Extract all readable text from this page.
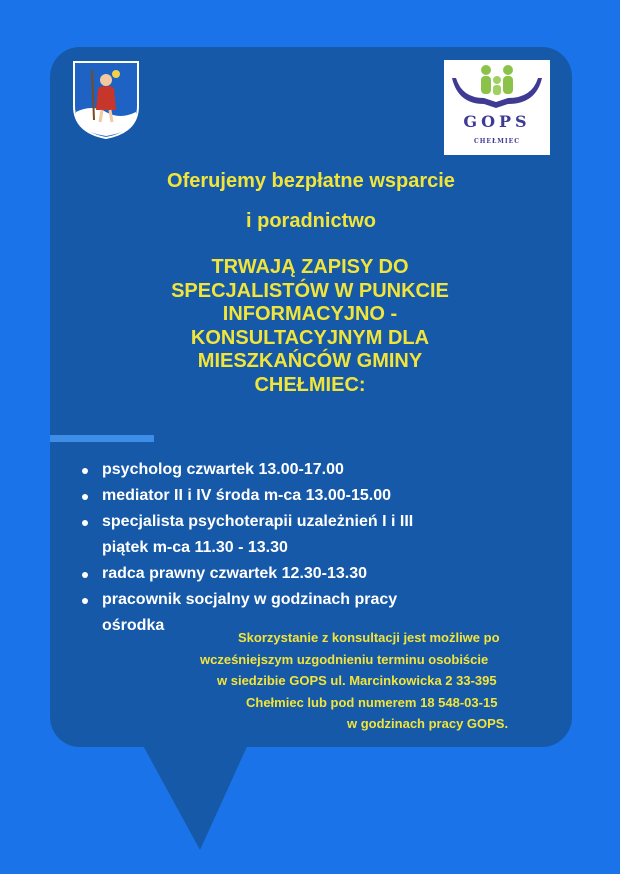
GOPS
CHEŁMIEC
Oferujemy bezpłatne wsparcie
i poradnictwo
TRWAJĄ ZAPISY DO
SPECJALISTÓW W PUNKCIE
INFORMACYJNO -
KONSULTACYJNYM DLA
MIESZKAŃCÓW GMINY
CHEŁMIEC:
psycholog czwartek 13.00-17.00
mediator II i IV środa m-ca 13.00-15.00
specjalista psychoterapii uzależnień I i III
piątek m-ca 11.30 - 13.30
radca prawny czwartek 12.30-13.30
pracownik socjalny w godzinach pracy
ośrodka
Skorzystanie z konsultacji jest możliwe po
wcześniejszym uzgodnieniu terminu osobiście
w siedzibie GOPS ul. Marcinkowicka 2 33-395
Chełmiec lub pod numerem 18 548-03-15
w godzinach pracy GOPS.
